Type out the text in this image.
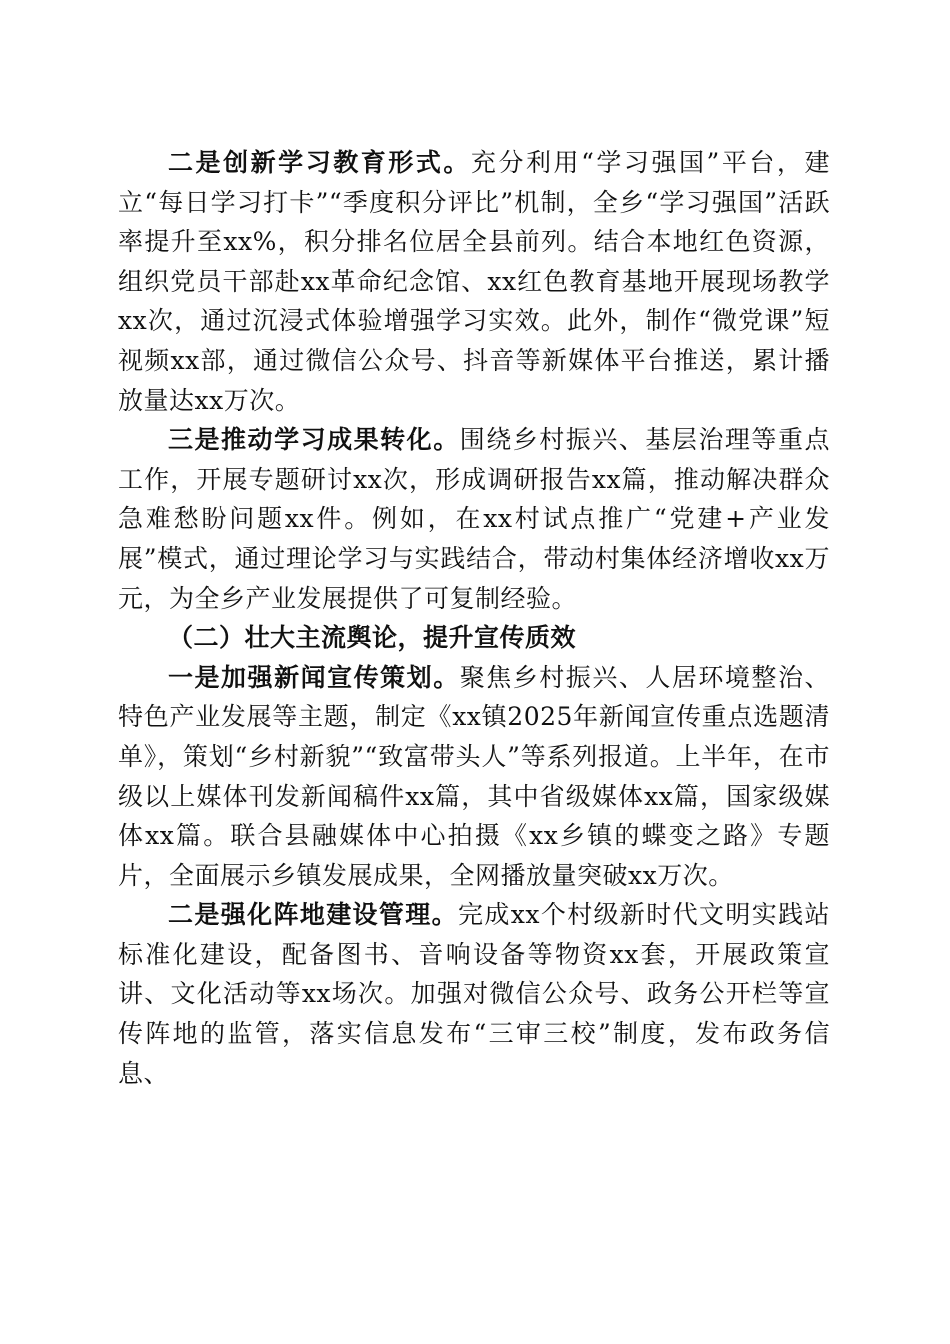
二是创新学习教育形式。充分利用“学习强国”平台，建立“每日学习打卡”“季度积分评比”机制，全乡“学习强国”活跃率提升至xx%，积分排名位居全县前列。结合本地红色资源，组织党员干部赴xx革命纪念馆、xx红色教育基地开展现场教学xx次，通过沉浸式体验增强学习实效。此外，制作“微党课”短视频xx部，通过微信公众号、抖音等新媒体平台推送，累计播放量达xx万次。

三是推动学习成果转化。围绕乡村振兴、基层治理等重点工作，开展专题研讨xx次，形成调研报告xx篇，推动解决群众急难愁盼问题xx件。例如，在xx村试点推广“党建+产业发展”模式，通过理论学习与实践结合，带动村集体经济增收xx万元，为全乡产业发展提供了可复制经验。

（二）壮大主流舆论，提升宣传质效

一是加强新闻宣传策划。聚焦乡村振兴、人居环境整治、特色产业发展等主题，制定《xx镇2025年新闻宣传重点选题清单》，策划“乡村新貌”“致富带头人”等系列报道。上半年，在市级以上媒体刊发新闻稿件xx篇，其中省级媒体xx篇，国家级媒体xx篇。联合县融媒体中心拍摄《xx乡镇的蝶变之路》专题片，全面展示乡镇发展成果，全网播放量突破xx万次。

二是强化阵地建设管理。完成xx个村级新时代文明实践站标准化建设，配备图书、音响设备等物资xx套，开展政策宣讲、文化活动等xx场次。加强对微信公众号、政务公开栏等宣传阵地的监管，落实信息发布“三审三校”制度，发布政务信息、
